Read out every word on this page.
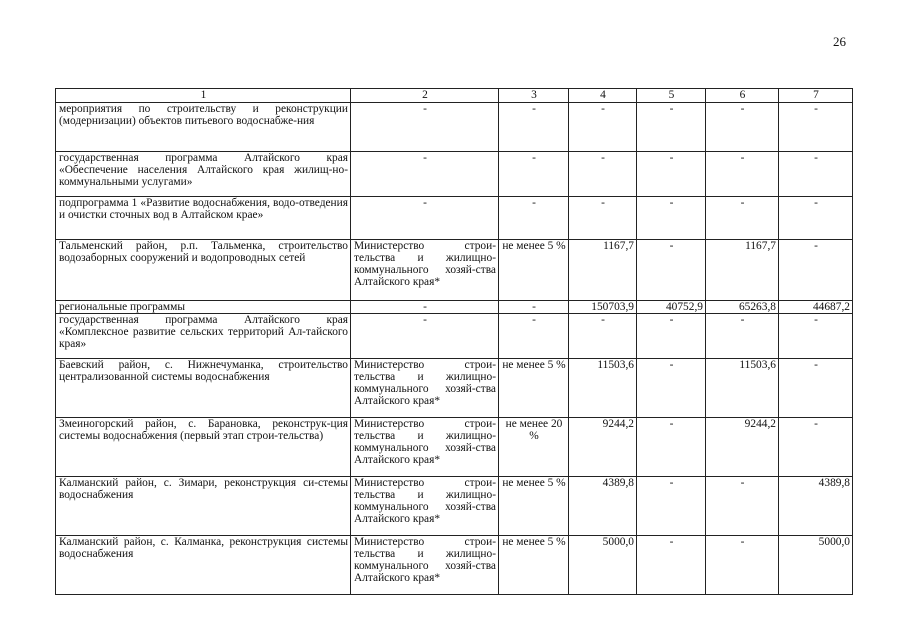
26
1	2	3	4	5	6	7
мероприятия по строительству и реконструкции (модернизации) объектов питьевого водоснабже-ния	-	-	-	-	-	-
государственная программа Алтайского края «Обеспечение населения Алтайского края жилищ-но-коммунальными услугами»	-	-	-	-	-	-
подпрограмма 1 «Развитие водоснабжения, водо-отведения и очистки сточных вод в Алтайском крае»	-	-	-	-	-	-
Тальменский район, р.п. Тальменка, строительство водозаборных сооружений и водопроводных сетей	Министерство строи-тельства и жилищно-коммунального хозяй-ства Алтайского края*	не менее 5 %	1167,7	-	1167,7	-
региональные программы	-	-	150703,9	40752,9	65263,8	44687,2
государственная программа Алтайского края «Комплексное развитие сельских территорий Ал-тайского края»	-	-	-	-	-	-
Баевский район, с. Нижнечуманка, строительство централизованной системы водоснабжения	Министерство строи-тельства и жилищно-коммунального хозяй-ства Алтайского края*	не менее 5 %	11503,6	-	11503,6	-
Змеиногорский район, с. Барановка, реконструк-ция системы водоснабжения (первый этап строи-тельства)	Министерство строи-тельства и жилищно-коммунального хозяй-ства Алтайского края*	не менее 20 %	9244,2	-	9244,2	-
Калманский район, с. Зимари, реконструкция си-стемы водоснабжения	Министерство строи-тельства и жилищно-коммунального хозяй-ства Алтайского края*	не менее 5 %	4389,8	-	-	4389,8
Калманский район, с. Калманка, реконструкция системы водоснабжения	Министерство строи-тельства и жилищно-коммунального хозяй-ства Алтайского края*	не менее 5 %	5000,0	-	-	5000,0
